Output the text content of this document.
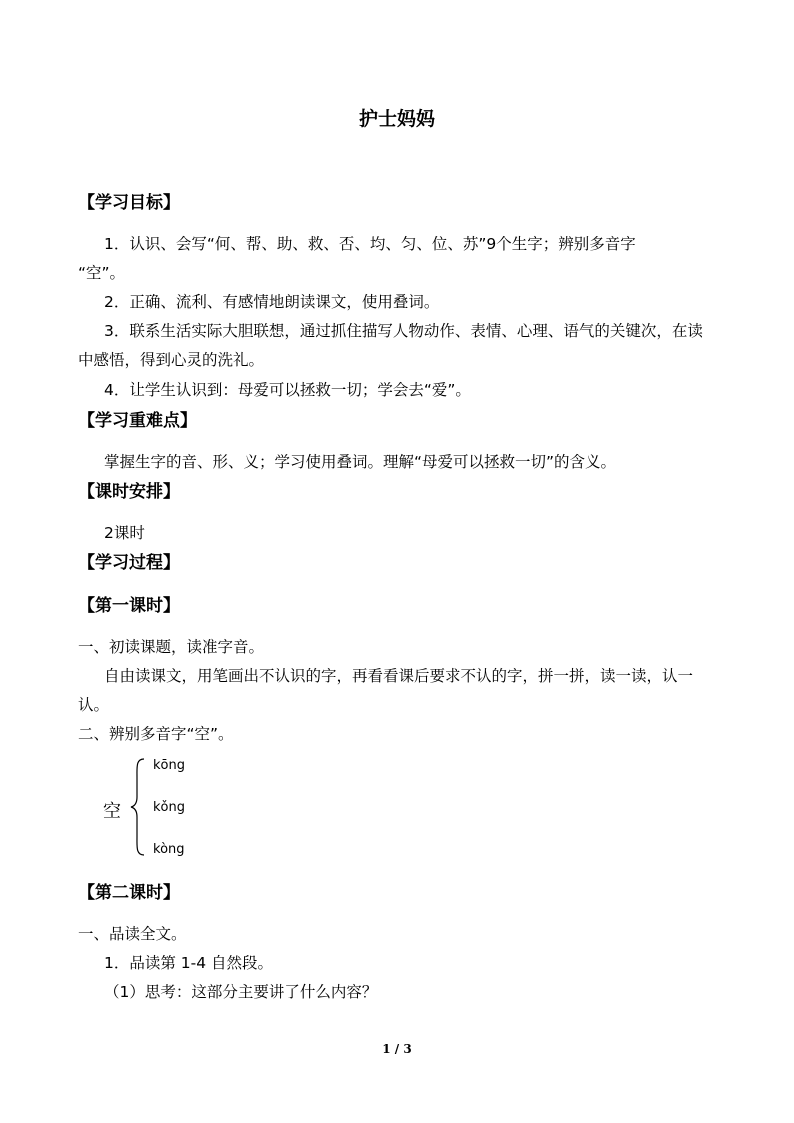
护士妈妈
【学习目标】
1．认识、会写“何、帮、助、救、否、均、匀、位、苏”9个生字；辨别多音字
“空”。
2．正确、流利、有感情地朗读课文，使用叠词。
3．联系生活实际大胆联想，通过抓住描写人物动作、表情、心理、语气的关键次，在读
中感悟，得到心灵的洗礼。
4．让学生认识到：母爱可以拯救一切；学会去“爱”。
【学习重难点】
掌握生字的音、形、义；学习使用叠词。理解“母爱可以拯救一切”的含义。
【课时安排】
2课时
【学习过程】
【第一课时】
一、初读课题，读准字音。
自由读课文，用笔画出不认识的字，再看看课后要求不认的字，拼一拼，读一读，认一
认。
二、辨别多音字“空”。
空
kōng
kǒng
kòng
【第二课时】
一、品读全文。
1．品读第 1-4 自然段。
（1）思考：这部分主要讲了什么内容？
1 / 3
